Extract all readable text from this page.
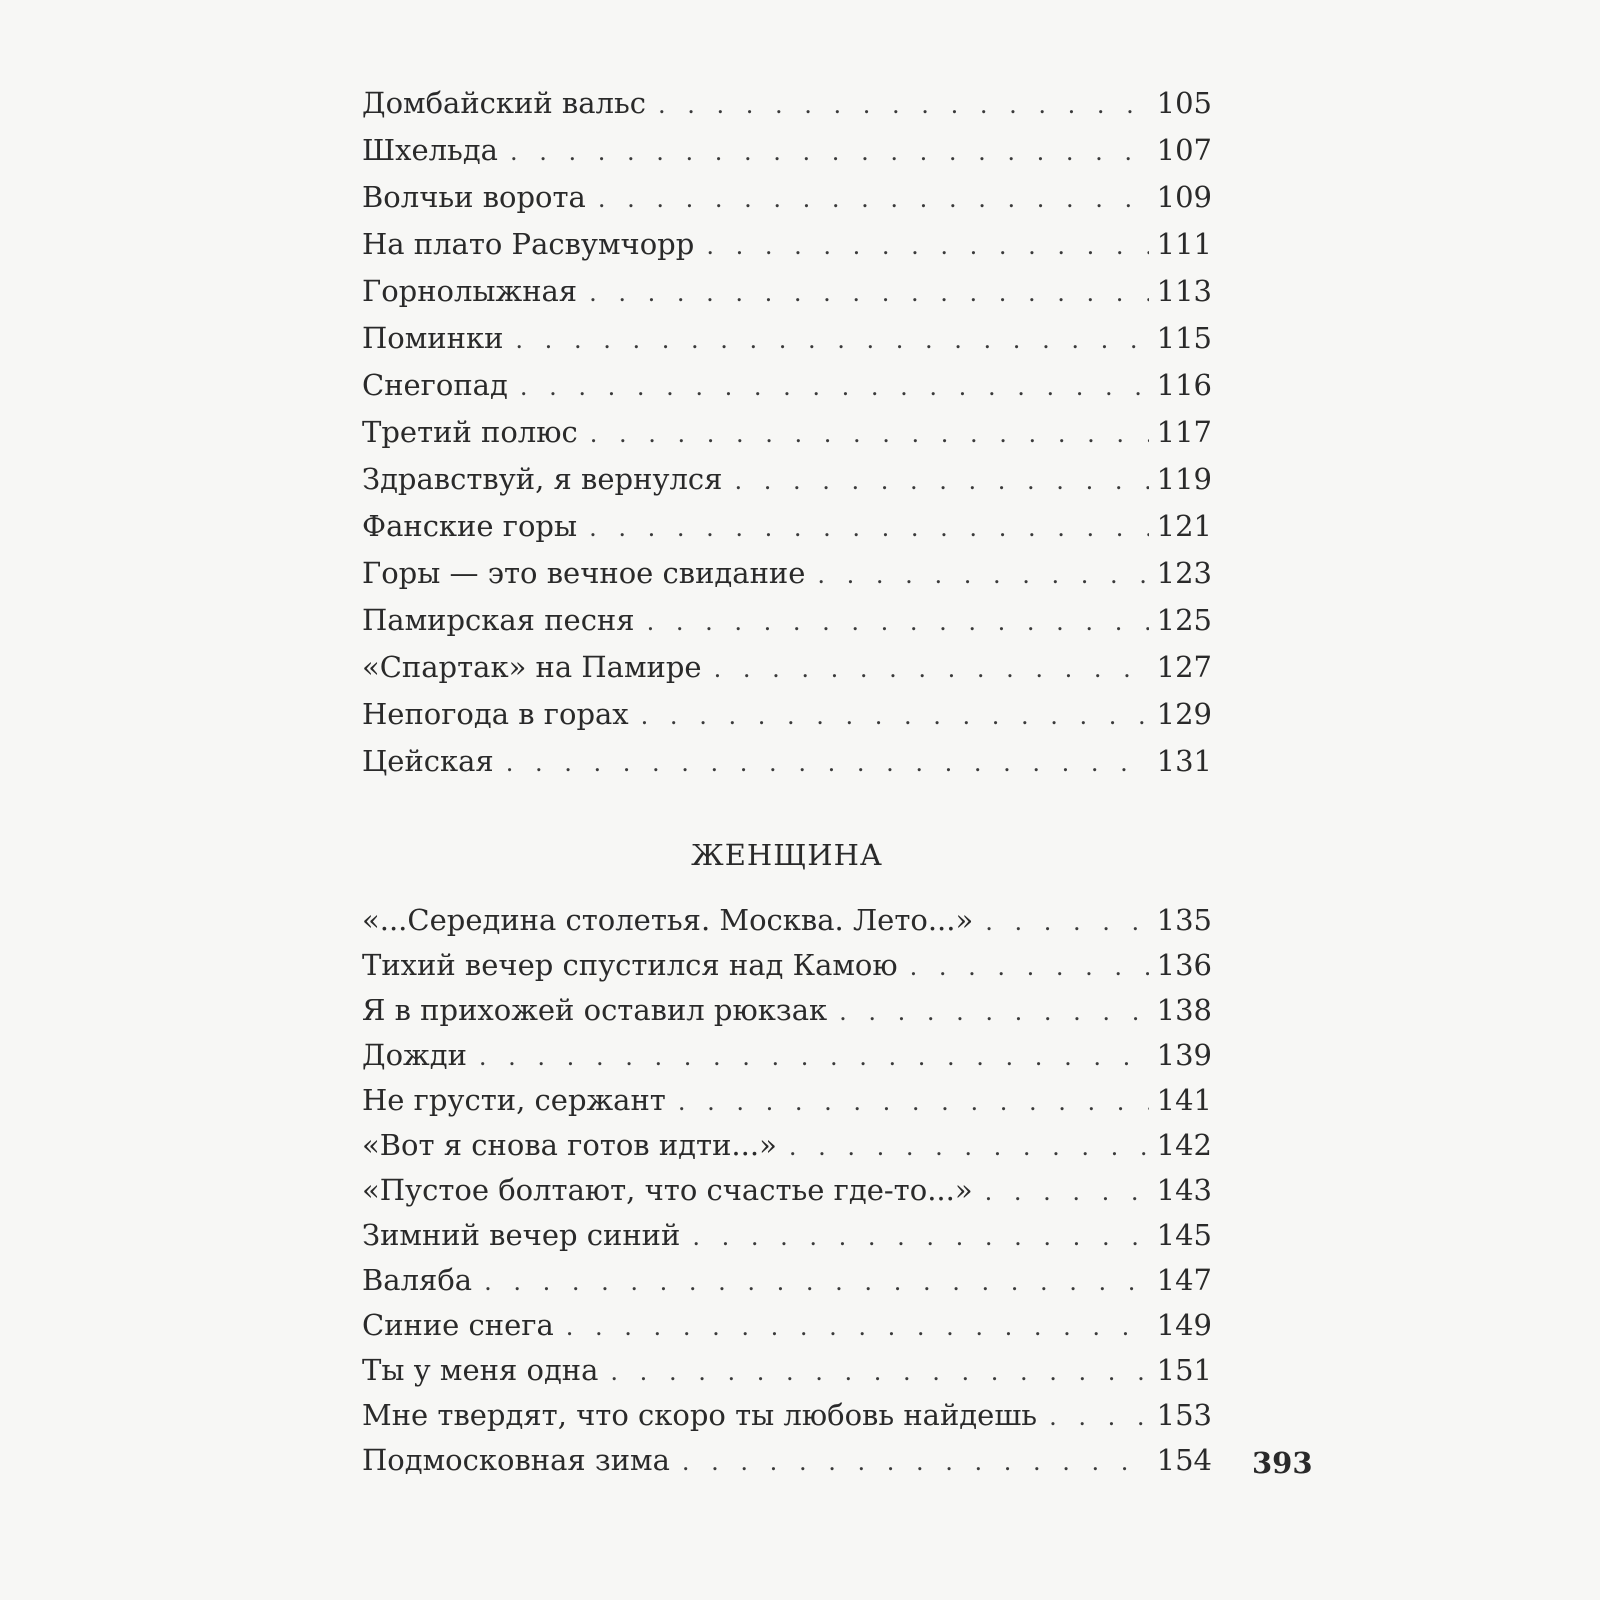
Домбайский вальс . . .	105
Шхельда . . .	107
Волчьи ворота . . .	109
На плато Расвумчорр . . .	111
Горнолыжная . . .	113
Поминки . . .	115
Снегопад . . .	116
Третий полюс . . .	117
Здравствуй, я вернулся . . .	119
Фанские горы . . .	121
Горы — это вечное свидание . . .	123
Памирская песня . . .	125
«Спартак» на Памире . . .	127
Непогода в горах . . .	129
Цейская . . .	131
ЖЕНЩИНА
«...Середина столетья. Москва. Лето...» . . .	135
Тихий вечер спустился над Камою . . .	136
Я в прихожей оставил рюкзак . . .	138
Дожди . . .	139
Не грусти, сержант . . .	141
«Вот я снова готов идти...» . . .	142
«Пустое болтают, что счастье где-то...» . . .	143
Зимний вечер синий . . .	145
Валяба . . .	147
Синие снега . . .	149
Ты у меня одна . . .	151
Мне твердят, что скоро ты любовь найдешь . . .	153
Подмосковная зима . . .	154 393
